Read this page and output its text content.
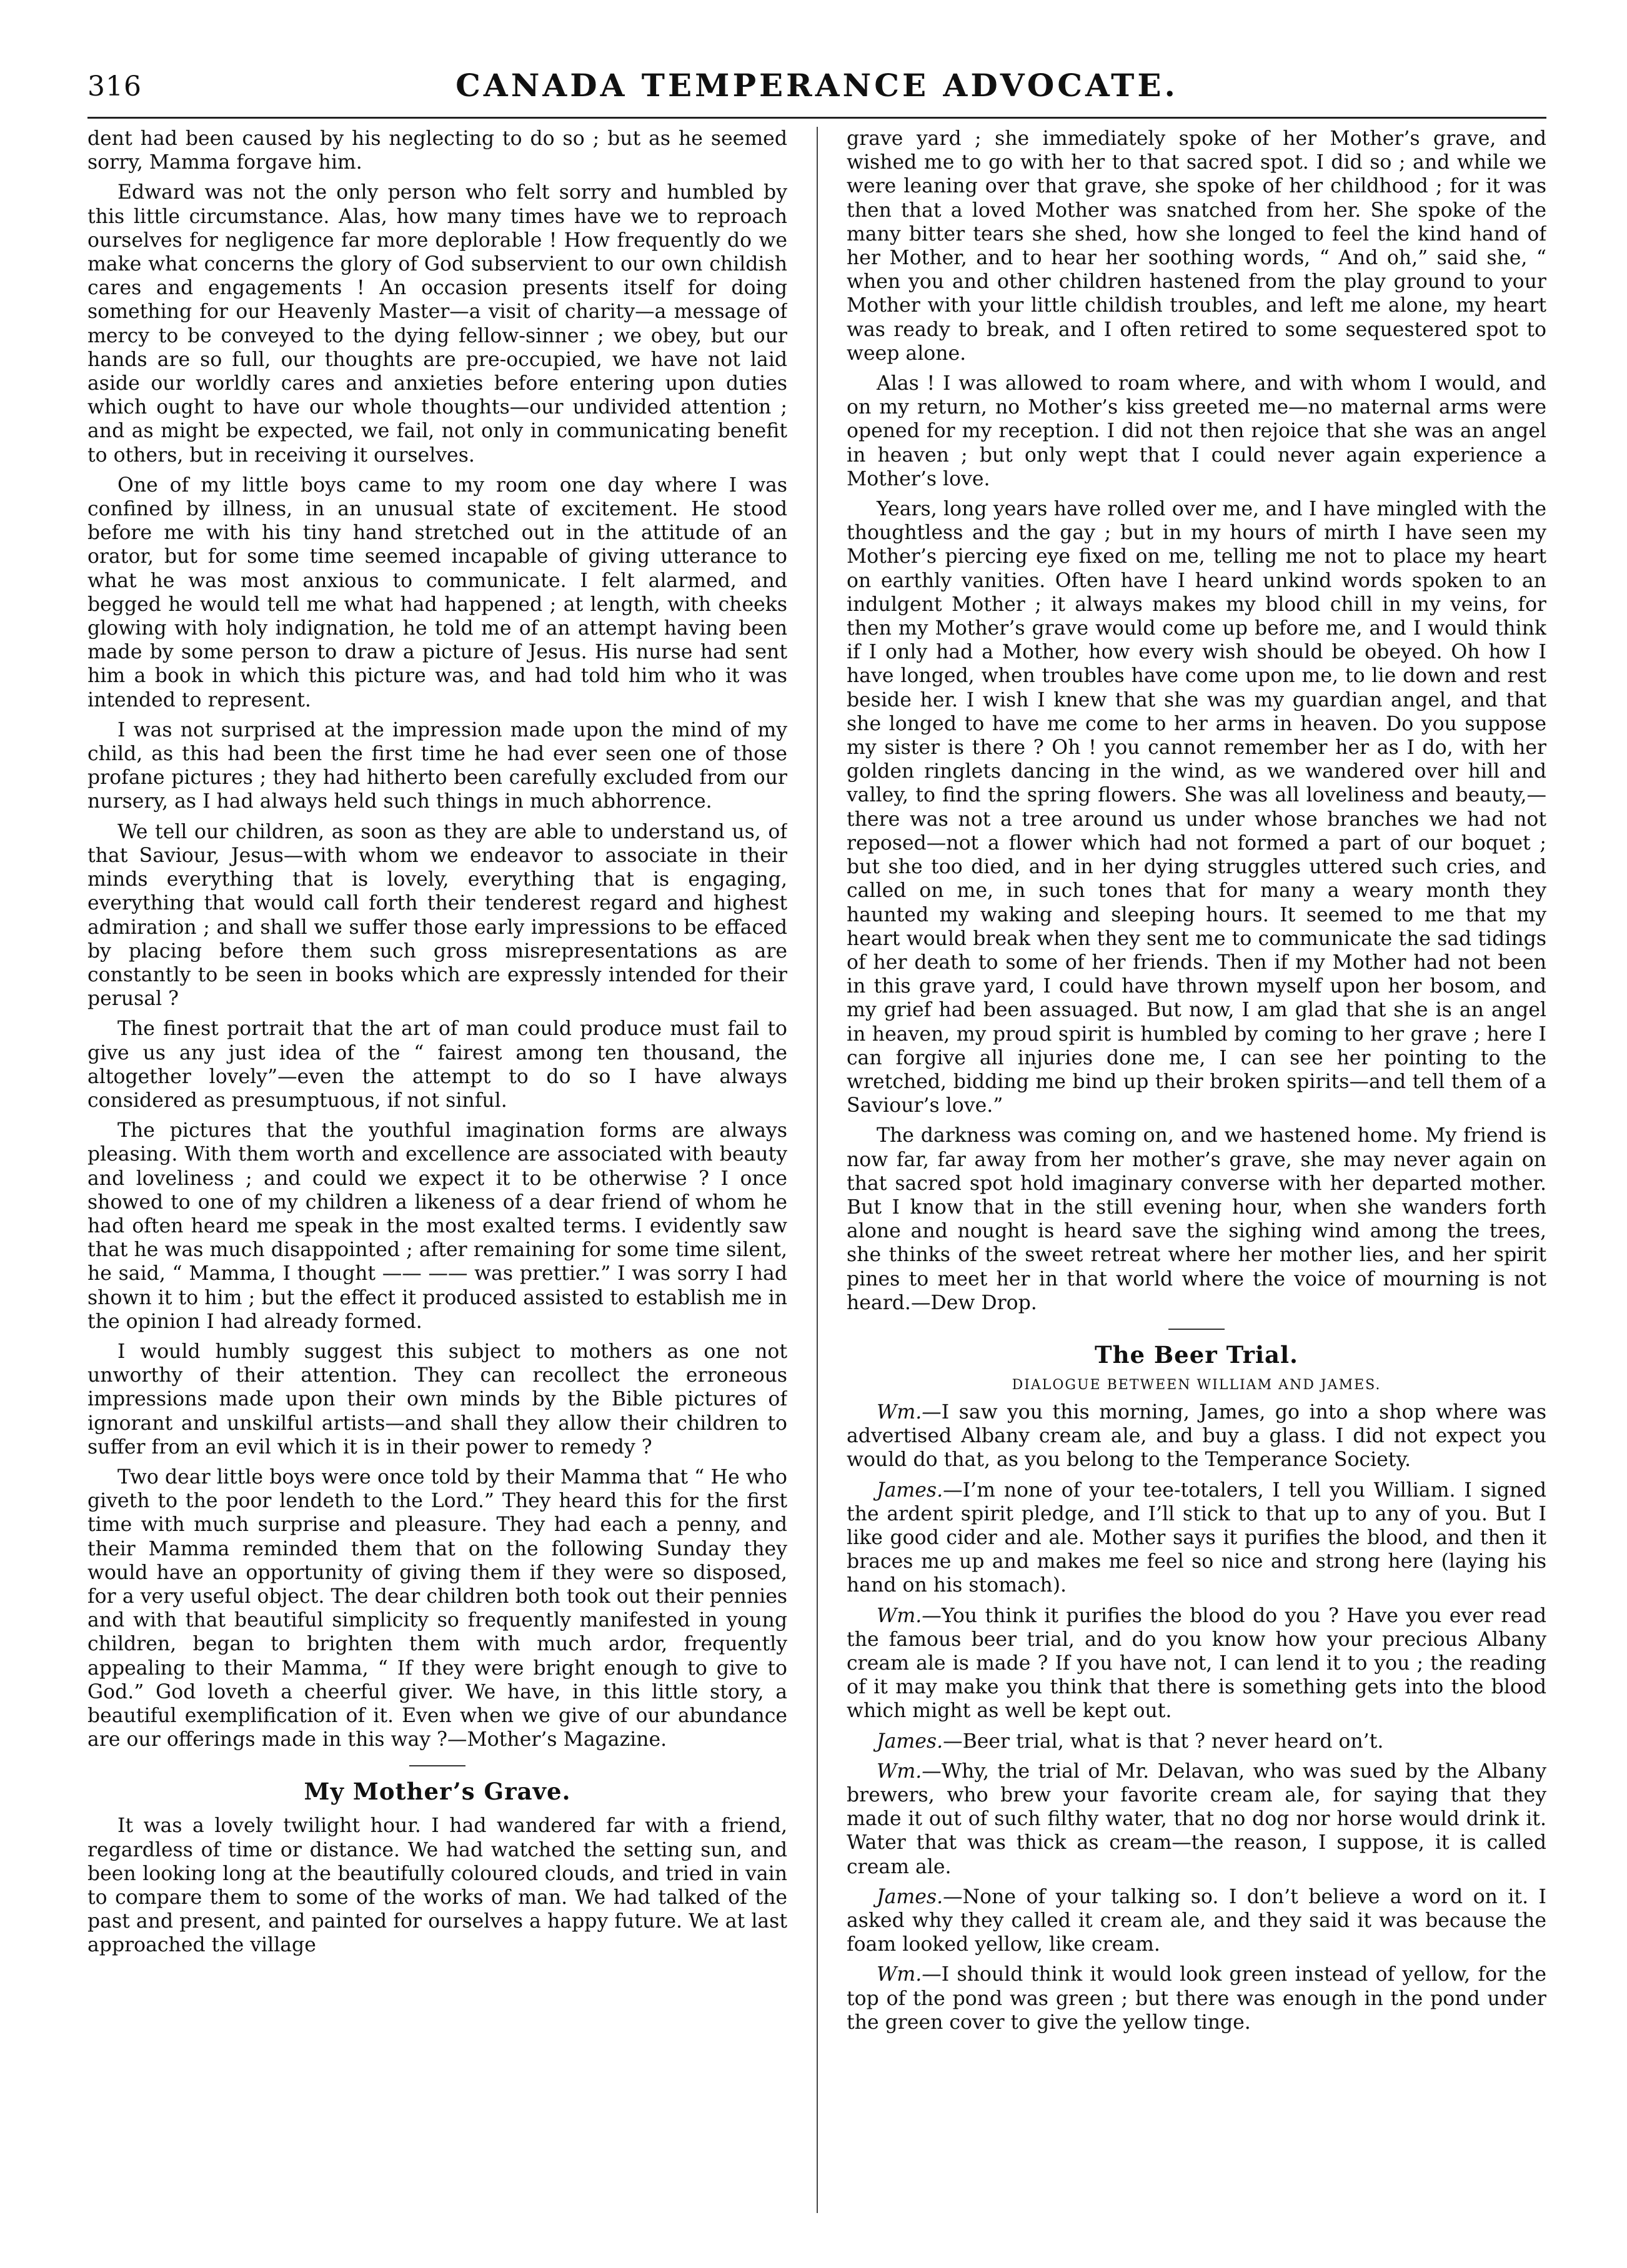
316	CANADA TEMPERANCE ADVOCATE.

dent had been caused by his neglecting to do so ; but as he seemed sorry, Mamma forgave him.

Edward was not the only person who felt sorry and humbled by this little circumstance. Alas, how many times have we to reproach ourselves for negligence far more deplorable ! How frequently do we make what concerns the glory of God subservient to our own childish cares and engagements ! An occasion presents itself for doing something for our Heavenly Master—a visit of charity—a message of mercy to be conveyed to the dying fellow-sinner ; we obey, but our hands are so full, our thoughts are pre-occupied, we have not laid aside our worldly cares and anxieties before entering upon duties which ought to have our whole thoughts—our undivided attention ; and as might be expected, we fail, not only in communicating benefit to others, but in receiving it ourselves.

One of my little boys came to my room one day where I was confined by illness, in an unusual state of excitement. He stood before me with his tiny hand stretched out in the attitude of an orator, but for some time seemed incapable of giving utterance to what he was most anxious to communicate. I felt alarmed, and begged he would tell me what had happened ; at length, with cheeks glowing with holy indignation, he told me of an attempt having been made by some person to draw a picture of Jesus. His nurse had sent him a book in which this picture was, and had told him who it was intended to represent.

I was not surprised at the impression made upon the mind of my child, as this had been the first time he had ever seen one of those profane pictures ; they had hitherto been carefully excluded from our nursery, as I had always held such things in much abhorrence.

We tell our children, as soon as they are able to understand us, of that Saviour, Jesus—with whom we endeavor to associate in their minds everything that is lovely, everything that is engaging, everything that would call forth their tenderest regard and highest admiration ; and shall we suffer those early impressions to be effaced by placing before them such gross misrepresentations as are constantly to be seen in books which are expressly intended for their perusal ?

The finest portrait that the art of man could produce must fail to give us any just idea of the “ fairest among ten thousand, the altogether lovely”—even the attempt to do so I have always considered as presumptuous, if not sinful.

The pictures that the youthful imagination forms are always pleasing. With them worth and excellence are associated with beauty and loveliness ; and could we expect it to be otherwise ? I once showed to one of my children a likeness of a dear friend of whom he had often heard me speak in the most exalted terms. I evidently saw that he was much disappointed ; after remaining for some time silent, he said, “ Mamma, I thought —— —— was prettier.” I was sorry I had shown it to him ; but the effect it produced assisted to establish me in the opinion I had already formed.

I would humbly suggest this subject to mothers as one not unworthy of their attention. They can recollect the erroneous impressions made upon their own minds by the Bible pictures of ignorant and unskilful artists—and shall they allow their children to suffer from an evil which it is in their power to remedy ?

Two dear little boys were once told by their Mamma that “ He who giveth to the poor lendeth to the Lord.” They heard this for the first time with much surprise and pleasure. They had each a penny, and their Mamma reminded them that on the following Sunday they would have an opportunity of giving them if they were so disposed, for a very useful object. The dear children both took out their pennies and with that beautiful simplicity so frequently manifested in young children, began to brighten them with much ardor, frequently appealing to their Mamma, “ If they were bright enough to give to God.” God loveth a cheerful giver. We have, in this little story, a beautiful exemplification of it. Even when we give of our abundance are our offerings made in this way ?—Mother’s Magazine.

My Mother’s Grave.

It was a lovely twilight hour. I had wandered far with a friend, regardless of time or distance. We had watched the setting sun, and been looking long at the beautifully coloured clouds, and tried in vain to compare them to some of the works of man. We had talked of the past and present, and painted for ourselves a happy future. We at last approached the village

grave yard ; she immediately spoke of her Mother’s grave, and wished me to go with her to that sacred spot. I did so ; and while we were leaning over that grave, she spoke of her childhood ; for it was then that a loved Mother was snatched from her. She spoke of the many bitter tears she shed, how she longed to feel the kind hand of her Mother, and to hear her soothing words, “ And oh,” said she, “ when you and other children hastened from the play ground to your Mother with your little childish troubles, and left me alone, my heart was ready to break, and I often retired to some sequestered spot to weep alone.

Alas ! I was allowed to roam where, and with whom I would, and on my return, no Mother’s kiss greeted me—no maternal arms were opened for my reception. I did not then rejoice that she was an angel in heaven ; but only wept that I could never again experience a Mother’s love.

Years, long years have rolled over me, and I have mingled with the thoughtless and the gay ; but in my hours of mirth I have seen my Mother’s piercing eye fixed on me, telling me not to place my heart on earthly vanities. Often have I heard unkind words spoken to an indulgent Mother ; it always makes my blood chill in my veins, for then my Mother’s grave would come up before me, and I would think if I only had a Mother, how every wish should be obeyed. Oh how I have longed, when troubles have come upon me, to lie down and rest beside her. I wish I knew that she was my guardian angel, and that she longed to have me come to her arms in heaven. Do you suppose my sister is there ? Oh ! you cannot remember her as I do, with her golden ringlets dancing in the wind, as we wandered over hill and valley, to find the spring flowers. She was all loveliness and beauty,—there was not a tree around us under whose branches we had not reposed—not a flower which had not formed a part of our boquet ; but she too died, and in her dying struggles uttered such cries, and called on me, in such tones that for many a weary month they haunted my waking and sleeping hours. It seemed to me that my heart would break when they sent me to communicate the sad tidings of her death to some of her friends. Then if my Mother had not been in this grave yard, I could have thrown myself upon her bosom, and my grief had been assuaged. But now, I am glad that she is an angel in heaven, my proud spirit is humbled by coming to her grave ; here I can forgive all injuries done me, I can see her pointing to the wretched, bidding me bind up their broken spirits—and tell them of a Saviour’s love.”

The darkness was coming on, and we hastened home. My friend is now far, far away from her mother’s grave, she may never again on that sacred spot hold imaginary converse with her departed mother. But I know that in the still evening hour, when she wanders forth alone and nought is heard save the sighing wind among the trees, she thinks of the sweet retreat where her mother lies, and her spirit pines to meet her in that world where the voice of mourning is not heard.—Dew Drop.

The Beer Trial.
DIALOGUE BETWEEN WILLIAM AND JAMES.

Wm.—I saw you this morning, James, go into a shop where was advertised Albany cream ale, and buy a glass. I did not expect you would do that, as you belong to the Temperance Society.

James.—I’m none of your tee-totalers, I tell you William. I signed the ardent spirit pledge, and I’ll stick to that up to any of you. But I like good cider and ale. Mother says it purifies the blood, and then it braces me up and makes me feel so nice and strong here (laying his hand on his stomach).

Wm.—You think it purifies the blood do you ? Have you ever read the famous beer trial, and do you know how your precious Albany cream ale is made ? If you have not, I can lend it to you ; the reading of it may make you think that there is something gets into the blood which might as well be kept out.

James.—Beer trial, what is that ? never heard on’t.

Wm.—Why, the trial of Mr. Delavan, who was sued by the Albany brewers, who brew your favorite cream ale, for saying that they made it out of such filthy water, that no dog nor horse would drink it. Water that was thick as cream—the reason, I suppose, it is called cream ale.

James.—None of your talking so. I don’t believe a word on it. I asked why they called it cream ale, and they said it was because the foam looked yellow, like cream.

Wm.—I should think it would look green instead of yellow, for the top of the pond was green ; but there was enough in the pond under the green cover to give the yellow tinge.
